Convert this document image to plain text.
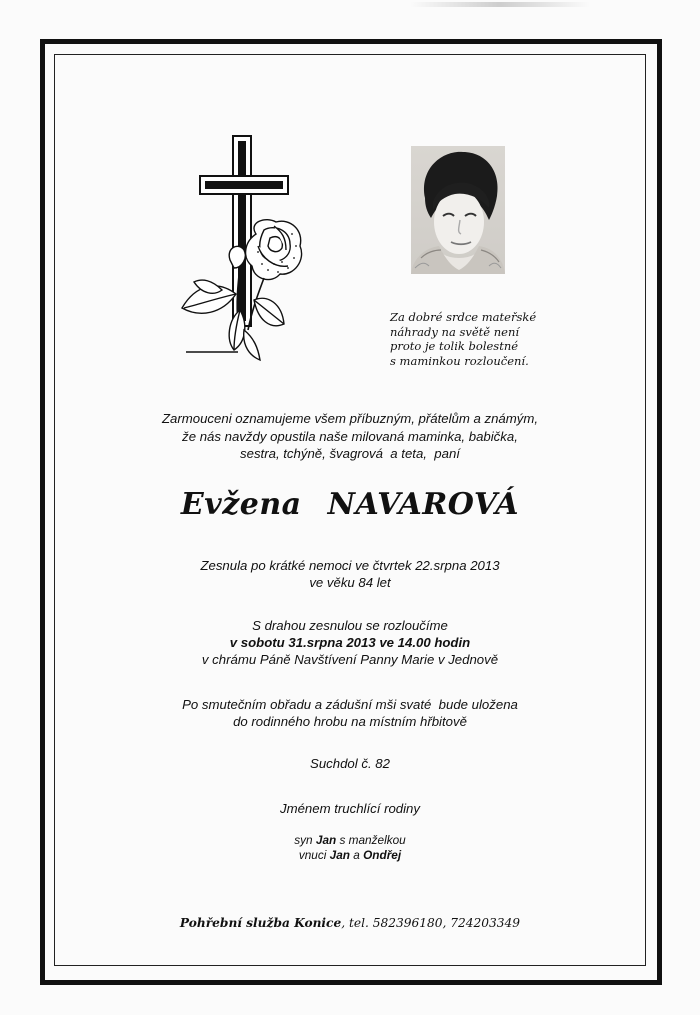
Za dobré srdce mateřské
náhrady na světě není
proto je tolik bolestné
s maminkou rozloučení.
Zarmouceni oznamujeme všem příbuzným, přátelům a známým,
že nás navždy opustila naše milovaná maminka, babička,
sestra, tchýně, švagrová  a teta,  paní
Evžena NAVAROVÁ
Zesnula po krátké nemoci ve čtvrtek 22.srpna 2013
ve věku 84 let
S drahou zesnulou se rozloučíme
v sobotu 31.srpna 2013 ve 14.00 hodin
v chrámu Páně Navštívení Panny Marie v Jednově
Po smutečním obřadu a zádušní mši svaté  bude uložena
do rodinného hrobu na místním hřbitově
Suchdol č. 82
Jménem truchlící rodiny
syn Jan s manželkou
vnuci Jan a Ondřej
Pohřební služba Konice, tel. 582396180, 724203349
